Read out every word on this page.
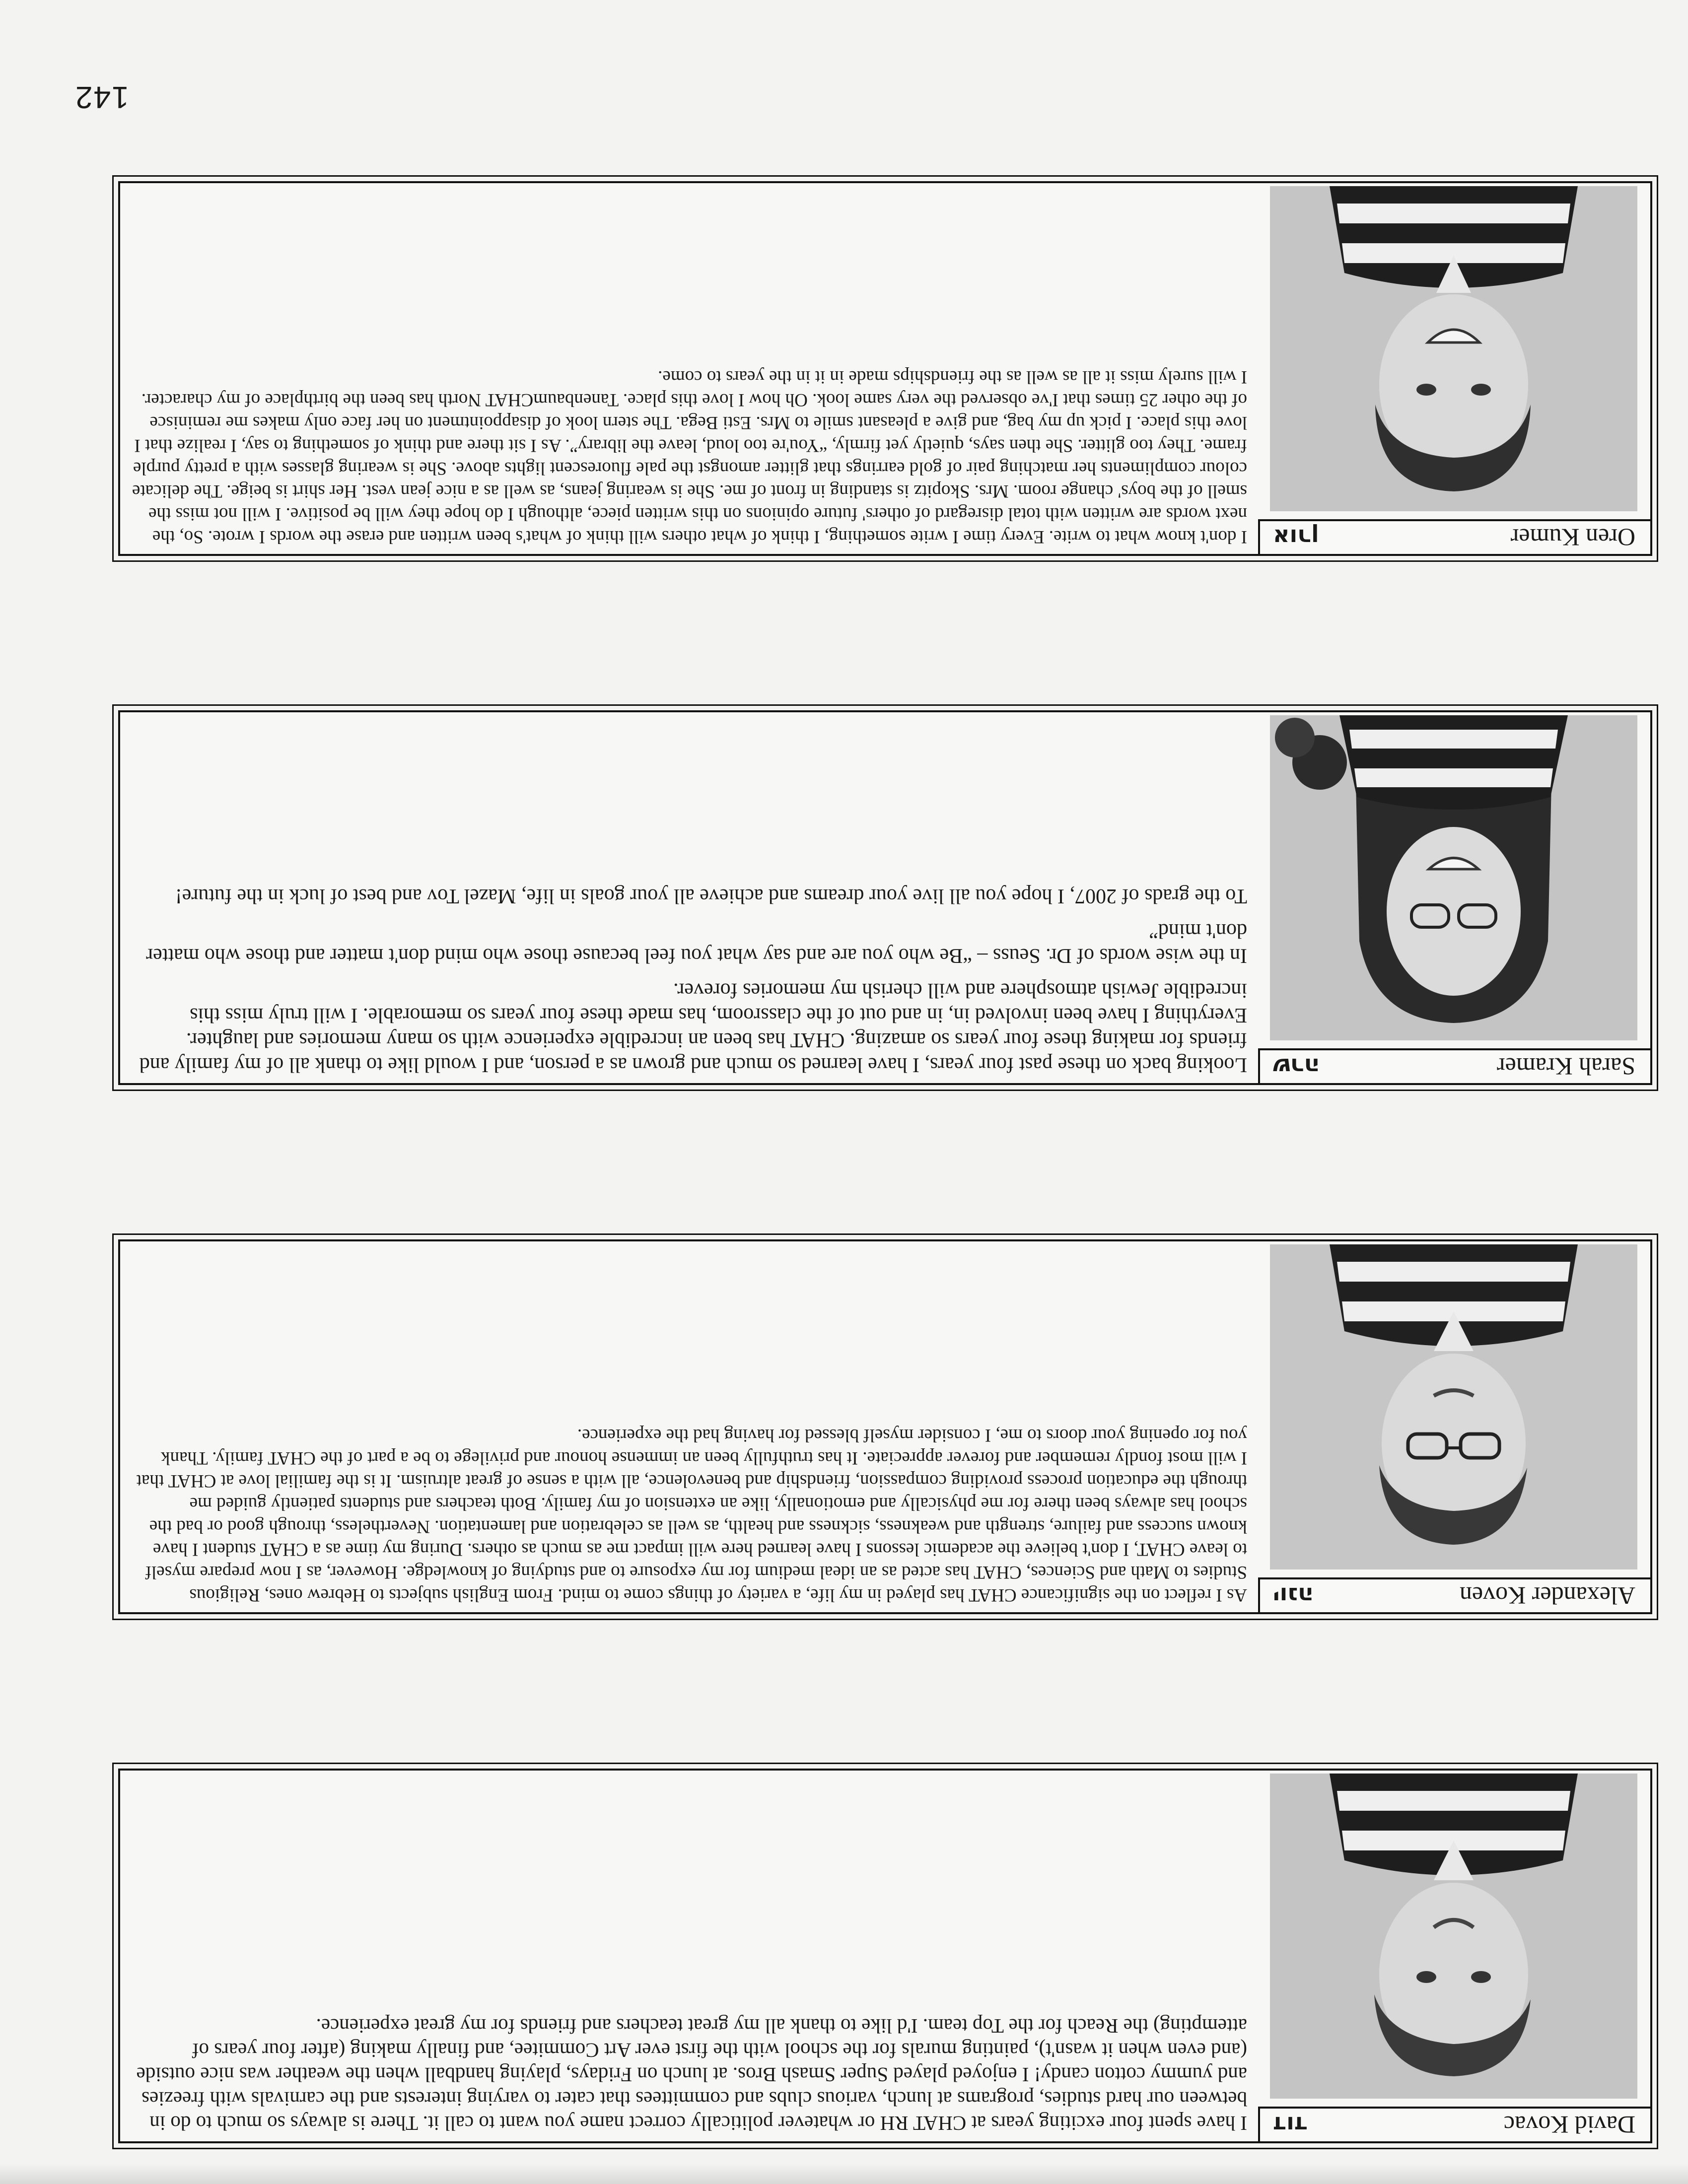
David Kovac
דוד

I have spent four exciting years at CHAT RH or whatever politically correct name you want to call it. There is always so much to do in between our hard studies, programs at lunch, various clubs and committees that cater to varying interests and the carnivals with freezies and yummy cotton candy! I enjoyed played Super Smash Bros. at lunch on Fridays, playing handball when the weather was nice outside (and even when it wasn't), painting murals for the school with the first ever Art Commitee, and finally making (after four years of attempting) the Reach for the Top team. I'd like to thank all my great teachers and friends for my great experience.

Alexander Koven
יונה

As I reflect on the significance CHAT has played in my life, a variety of things come to mind. From English subjects to Hebrew ones, Religious Studies to Math and Sciences, CHAT has acted as an ideal medium for my exposure to and studying of knowledge. However, as I now prepare myself to leave CHAT, I don't believe the academic lessons I have learned here will impact me as much as others. During my time as a CHAT student I have known success and failure, strength and weakness, sickness and health, as well as celebration and lamentation. Nevertheless, through good or bad the school has always been there for me physically and emotionally, like an extension of my family. Both teachers and students patiently guided me through the education process providing compassion, friendship and benevolence, all with a sense of great altruism. It is the familial love at CHAT that I will most fondly remember and forever appreciate. It has truthfully been an immense honour and privilege to be a part of the CHAT family. Thank you for opening your doors to me, I consider myself blessed for having had the experience.

Sarah Kramer
שרה

Looking back on these past four years, I have learned so much and grown as a person, and I would like to thank all of my family and friends for making these four years so amazing. CHAT has been an incredible experience with so many memories and laughter. Everything I have been involved in, in and out of the classroom, has made these four years so memorable. I will truly miss this incredible Jewish atmosphere and will cherish my memories forever.

In the wise words of Dr. Seuss – “Be who you are and say what you feel because those who mind don't matter and those who matter don't mind”

To the grads of 2007, I hope you all live your dreams and achieve all your goals in life, Mazel Tov and best of luck in the future!

Oren Kumer
אורן

I don't know what to write. Every time I write something, I think of what others will think of what's been written and erase the words I wrote. So, the next words are written with total disregard of others' future opinions on this written piece, although I do hope they will be positive. I will not miss the smell of the boys' change room. Mrs. Skopitz is standing in front of me. She is wearing jeans, as well as a nice jean vest. Her shirt is beige. The delicate colour compliments her matching pair of gold earrings that glitter amongst the pale fluorescent lights above. She is wearing glasses with a pretty purple frame. They too glitter. She then says, quietly yet firmly, “You're too loud, leave the library”. As I sit there and think of something to say, I realize that I love this place. I pick up my bag, and give a pleasant smile to Mrs. Esti Bega. The stern look of disappointment on her face only makes me reminisce of the other 25 times that I've observed the very same look. Oh how I love this place. TanenbaumCHAT North has been the birthplace of my character. I will surely miss it all as well as the friendships made in it in the years to come.

142
